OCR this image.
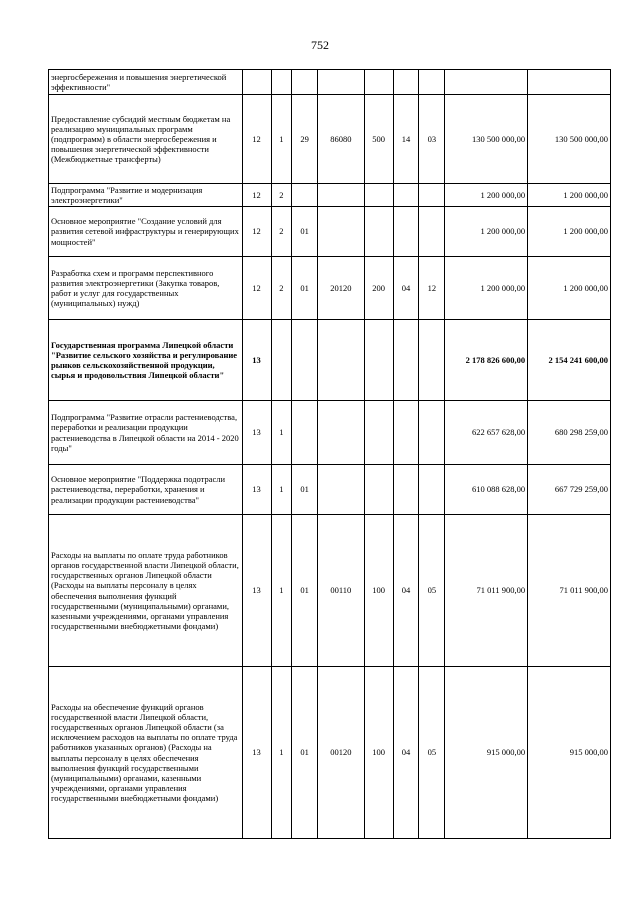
752
энергосбережения и повышения энергетической эффективности"									
Предоставление субсидий местным бюджетам на реализацию муниципальных программ (подпрограмм) в области энергосбережения и повышения энергетической эффективности (Межбюджетные трансферты)	12	1	29	86080	500	14	03	130 500 000,00	130 500 000,00
Подпрограмма "Развитие и модернизация электроэнергетики"	12	2						1 200 000,00	1 200 000,00
Основное мероприятие "Создание условий для развития сетевой инфраструктуры и генерирующих мощностей"	12	2	01					1 200 000,00	1 200 000,00
Разработка схем и программ перспективного развития электроэнергетики (Закупка товаров, работ и услуг для государственных (муниципальных) нужд)	12	2	01	20120	200	04	12	1 200 000,00	1 200 000,00
Государственная программа Липецкой области "Развитие сельского хозяйства и регулирование рынков сельскохозяйственной продукции, сырья и продовольствия Липецкой области"	13							2 178 826 600,00	2 154 241 600,00
Подпрограмма "Развитие отрасли растениеводства, переработки и реализации продукции растениеводства в Липецкой области на 2014 - 2020 годы"	13	1						622 657 628,00	680 298 259,00
Основное мероприятие "Поддержка подотрасли растениеводства, переработки, хранения и реализации продукции растениеводства"	13	1	01					610 088 628,00	667 729 259,00
Расходы на выплаты по оплате труда работников органов государственной власти Липецкой области, государственных органов Липецкой области (Расходы на выплаты персоналу в целях обеспечения выполнения функций государственными (муниципальными) органами, казенными учреждениями, органами управления государственными внебюджетными фондами)	13	1	01	00110	100	04	05	71 011 900,00	71 011 900,00
Расходы на обеспечение функций органов государственной власти Липецкой области, государственных органов Липецкой области (за исключением расходов на выплаты по оплате труда работников указанных органов) (Расходы на выплаты персоналу в целях обеспечения выполнения функций государственными (муниципальными) органами, казенными учреждениями, органами управления государственными внебюджетными фондами)	13	1	01	00120	100	04	05	915 000,00	915 000,00
